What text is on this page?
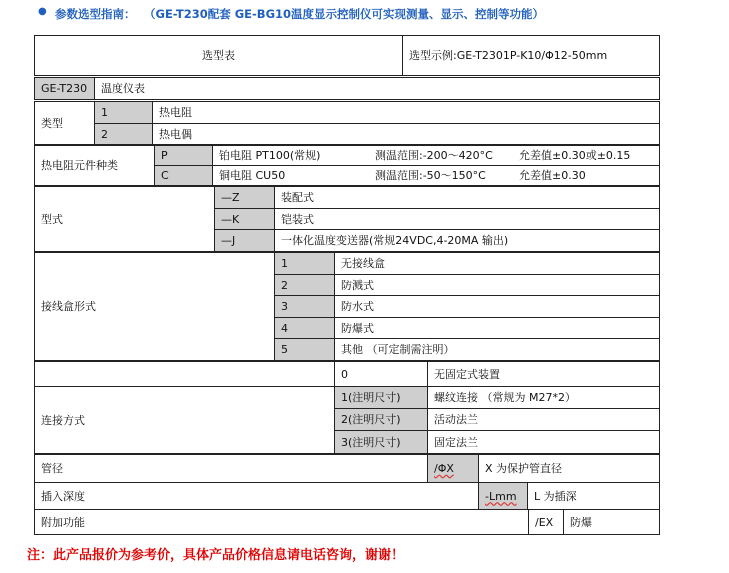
● 参数选型指南： （GE-T230配套 GE-BG10温度显示控制仪可实现测量、显示、控制等功能）
选型表	选型示例:GE-T2301P-K10/Φ12-50mm
GE-T230	温度仪表
类型
1	热电阻
2	热电偶
热电阻元件种类
P	铂电阻 PT100(常规)	测温范围:-200～420°C	允差值±0.30或±0.15
C	铜电阻 CU50	测温范围:-50～150°C	允差值±0.30
型式
—Z	装配式
—K	铠装式
—J	一体化温度变送器(常规24VDC,4-20MA 输出)
接线盒形式
1	无接线盒
2	防溅式
3	防水式
4	防爆式
5	其他 （可定制需注明）
连接方式
0	无固定式装置
1(注明尺寸)	螺纹连接 （常规为 M27*2）
2(注明尺寸)	活动法兰
3(注明尺寸)	固定法兰
管径	/ΦX	X 为保护管直径
插入深度	-Lmm	L 为插深
附加功能	/EX	防爆
注：此产品报价为参考价，具体产品价格信息请电话咨询，谢谢！
